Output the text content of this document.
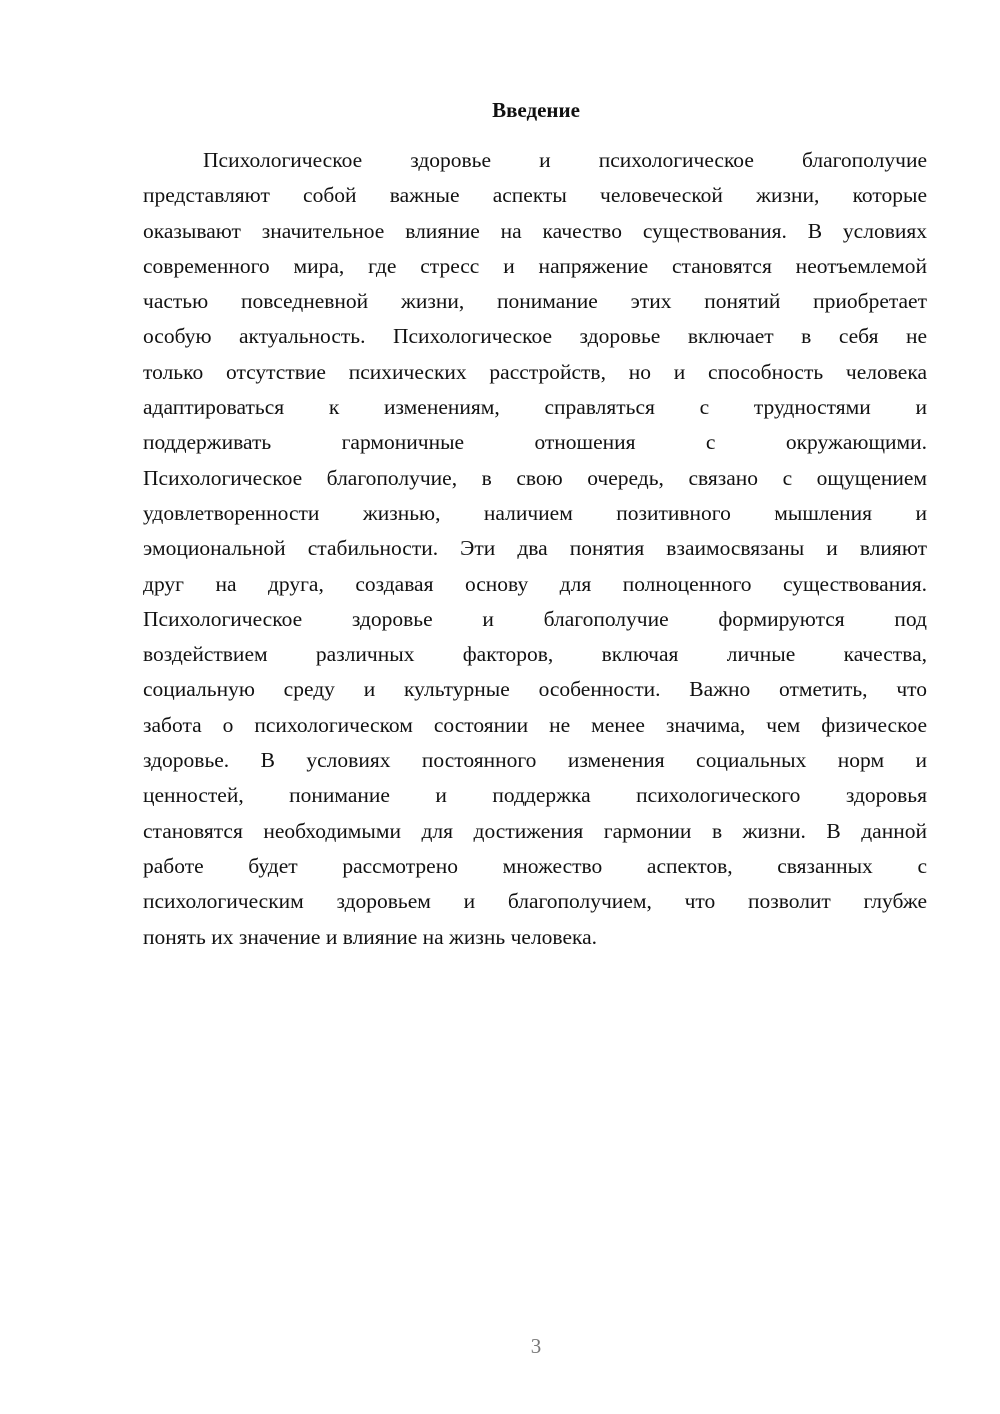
Введение
Психологическое здоровье и психологическое благополучие
представляют собой важные аспекты человеческой жизни, которые
оказывают значительное влияние на качество существования. В условиях
современного мира, где стресс и напряжение становятся неотъемлемой
частью повседневной жизни, понимание этих понятий приобретает
особую актуальность. Психологическое здоровье включает в себя не
только отсутствие психических расстройств, но и способность человека
адаптироваться к изменениям, справляться с трудностями и
поддерживать гармоничные отношения с окружающими.
Психологическое благополучие, в свою очередь, связано с ощущением
удовлетворенности жизнью, наличием позитивного мышления и
эмоциональной стабильности. Эти два понятия взаимосвязаны и влияют
друг на друга, создавая основу для полноценного существования.
Психологическое здоровье и благополучие формируются под
воздействием различных факторов, включая личные качества,
социальную среду и культурные особенности. Важно отметить, что
забота о психологическом состоянии не менее значима, чем физическое
здоровье. В условиях постоянного изменения социальных норм и
ценностей, понимание и поддержка психологического здоровья
становятся необходимыми для достижения гармонии в жизни. В данной
работе будет рассмотрено множество аспектов, связанных с
психологическим здоровьем и благополучием, что позволит глубже
понять их значение и влияние на жизнь человека.
3
